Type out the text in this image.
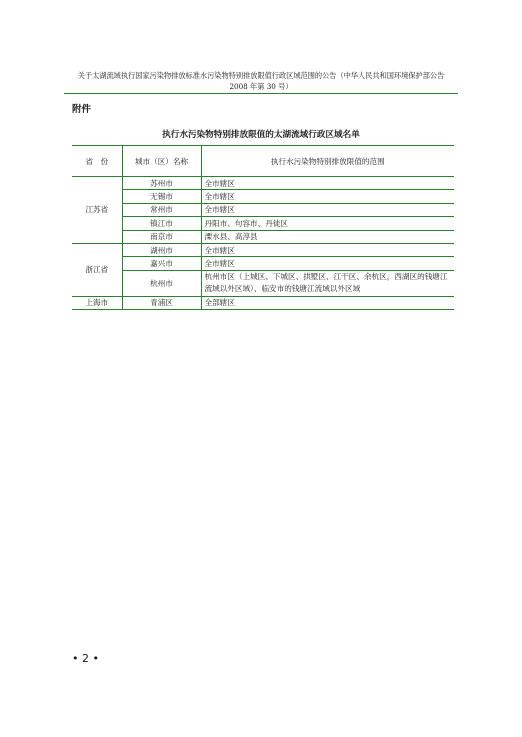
关于太湖流域执行国家污染物排放标准水污染物特别排放限值行政区域范围的公告（中华人民共和国环境保护部公告
2008 年第 30 号）
附件
执行水污染物特别排放限值的太湖流域行政区域名单
省　份	城市（区）名称	执行水污染物特别排放限值的范围
江苏省	苏州市	全市辖区
	无锡市	全市辖区
	常州市	全市辖区
	镇江市	丹阳市、句容市、丹徒区
	南京市	溧水县、高淳县
浙江省	湖州市	全市辖区
	嘉兴市	全市辖区
	杭州市	杭州市区（上城区、下城区、拱墅区、江干区、余杭区，西湖区的钱塘江流域以外区域）、临安市的钱塘江流域以外区域
上海市	青浦区	全部辖区
• 2 •
